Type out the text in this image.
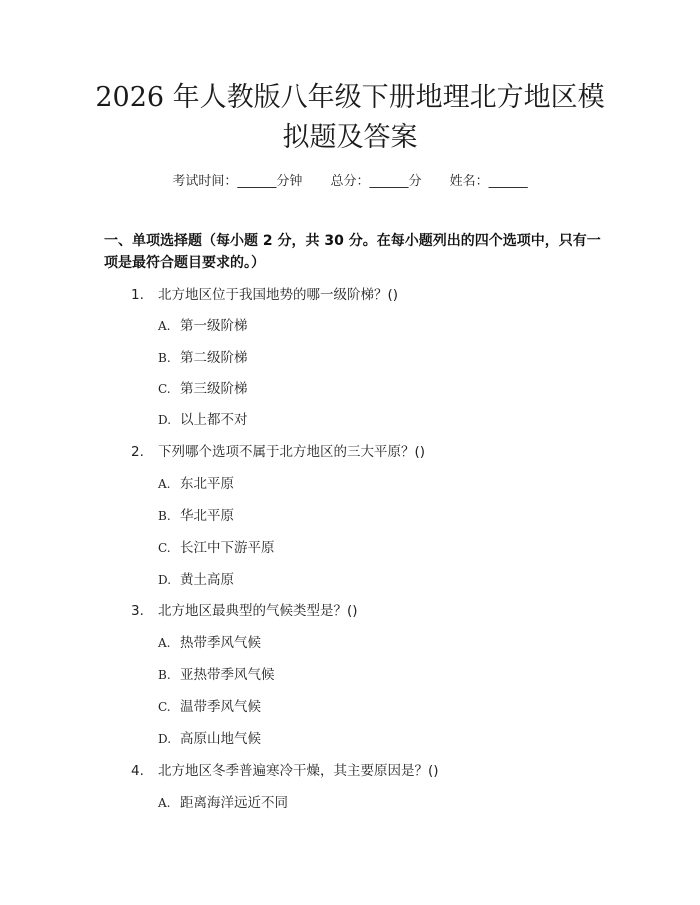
2026 年人教版八年级下册地理北方地区模拟题及答案
考试时间：______分钟 总分：______分 姓名：______
一、单项选择题（每小题 2 分，共 30 分。在每小题列出的四个选项中，只有一项是最符合题目要求的。）
1. 北方地区位于我国地势的哪一级阶梯？()
A. 第一级阶梯
B. 第二级阶梯
C. 第三级阶梯
D. 以上都不对
2. 下列哪个选项不属于北方地区的三大平原？()
A. 东北平原
B. 华北平原
C. 长江中下游平原
D. 黄土高原
3. 北方地区最典型的气候类型是？()
A. 热带季风气候
B. 亚热带季风气候
C. 温带季风气候
D. 高原山地气候
4. 北方地区冬季普遍寒冷干燥，其主要原因是？()
A. 距离海洋远近不同
